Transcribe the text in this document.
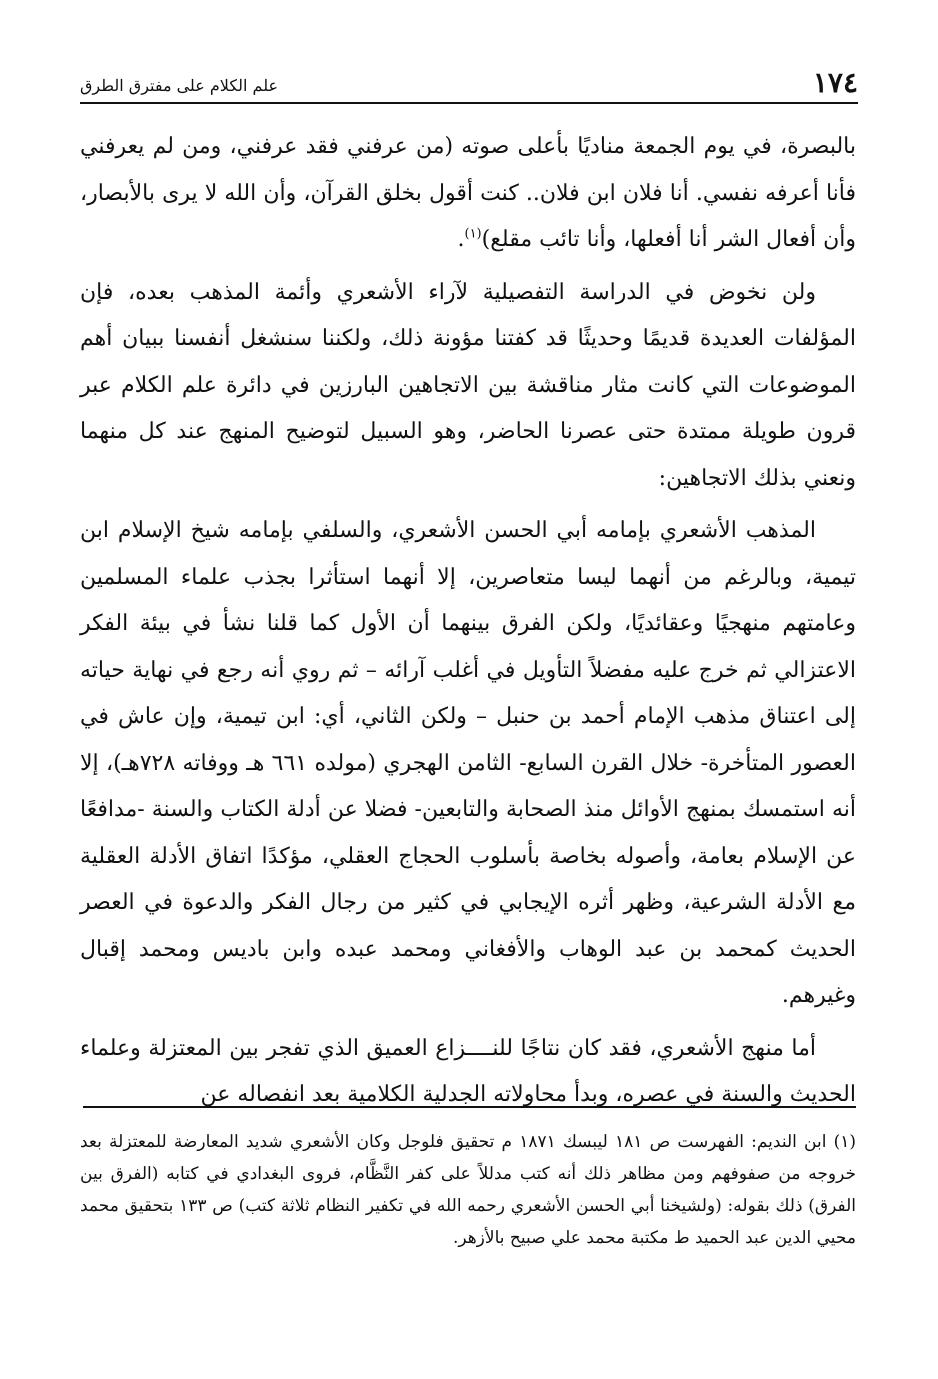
١٧٤
علم الكلام على مفترق الطرق

بالبصرة، في يوم الجمعة مناديًا بأعلى صوته (من عرفني فقد عرفني، ومن لم يعرفني فأنا أعرفه نفسي. أنا فلان ابن فلان.. كنت أقول بخلق القرآن، وأن الله لا يرى بالأبصار، وأن أفعال الشر أنا أفعلها، وأنا تائب مقلع)$^{(١)}$.

ولن نخوض في الدراسة التفصيلية لآراء الأشعري وأئمة المذهب بعده، فإن المؤلفات العديدة قديمًا وحديثًا قد كفتنا مؤونة ذلك، ولكننا سنشغل أنفسنا ببيان أهم الموضوعات التي كانت مثار مناقشة بين الاتجاهين البارزين في دائرة علم الكلام عبر قرون طويلة ممتدة حتى عصرنا الحاضر، وهو السبيل لتوضيح المنهج عند كل منهما ونعني بذلك الاتجاهين:

المذهب الأشعري بإمامه أبي الحسن الأشعري، والسلفي بإمامه شيخ الإسلام ابن تيمية، وبالرغم من أنهما ليسا متعاصرين، إلا أنهما استأثرا بجذب علماء المسلمين وعامتهم منهجيًا وعقائديًا، ولكن الفرق بينهما أن الأول كما قلنا نشأ في بيئة الفكر الاعتزالي ثم خرج عليه مفضلاً التأويل في أغلب آرائه – ثم روي أنه رجع في نهاية حياته إلى اعتناق مذهب الإمام أحمد بن حنبل – ولكن الثاني، أي: ابن تيمية، وإن عاش في العصور المتأخرة- خلال القرن السابع- الثامن الهجري (مولده ٦٦١ هـ ووفاته ٧٢٨هـ)، إلا أنه استمسك بمنهج الأوائل منذ الصحابة والتابعين- فضلا عن أدلة الكتاب والسنة -مدافعًا عن الإسلام بعامة، وأصوله بخاصة بأسلوب الحجاج العقلي، مؤكدًا اتفاق الأدلة العقلية مع الأدلة الشرعية، وظهر أثره الإيجابي في كثير من رجال الفكر والدعوة في العصر الحديث كمحمد بن عبد الوهاب والأفغاني ومحمد عبده وابن باديس ومحمد إقبال وغيرهم.

أما منهج الأشعري، فقد كان نتاجًا للنــــزاع العميق الذي تفجر بين المعتزلة وعلماء الحديث والسنة في عصره، وبدأ محاولاته الجدلية الكلامية بعد انفصاله عن

(١) ابن النديم: الفهرست ص ١٨١ ليبسك ١٨٧١ م تحقيق فلوجل وكان الأشعري شديد المعارضة للمعتزلة بعد خروجه من صفوفهم ومن مظاهر ذلك أنه كتب مدللاً على كفر النَّظَّام، فروى البغدادي في كتابه (الفرق بين الفرق) ذلك بقوله: (ولشيخنا أبي الحسن الأشعري رحمه الله في تكفير النظام ثلاثة كتب) ص ١٣٣ بتحقيق محمد محيي الدين عبد الحميد ط مكتبة محمد علي صبيح بالأزهر.
